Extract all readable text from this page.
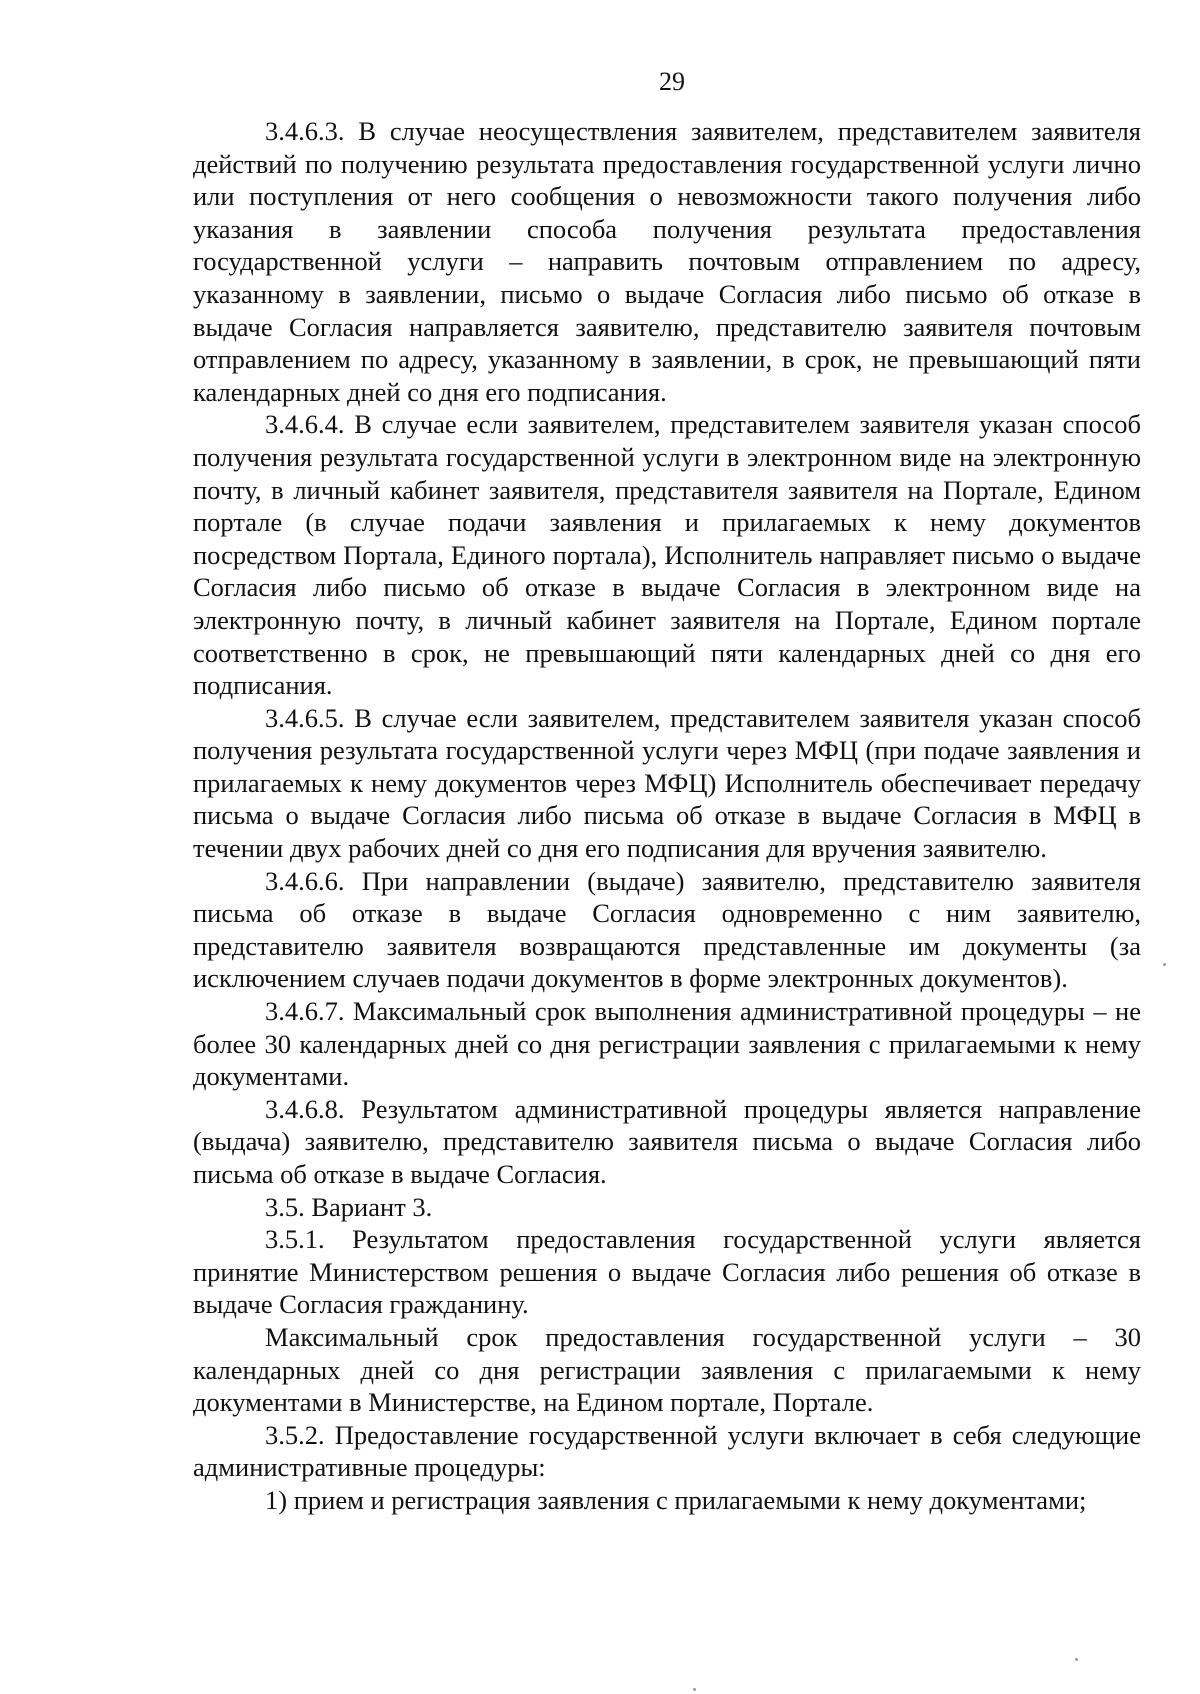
29

3.4.6.3. В случае неосуществления заявителем, представителем заявителя действий по получению результата предоставления государственной услуги лично или поступления от него сообщения о невозможности такого получения либо указания в заявлении способа получения результата предоставления государственной услуги – направить почтовым отправлением по адресу, указанному в заявлении, письмо о выдаче Согласия либо письмо об отказе в выдаче Согласия направляется заявителю, представителю заявителя почтовым отправлением по адресу, указанному в заявлении, в срок, не превышающий пяти календарных дней со дня его подписания.

3.4.6.4. В случае если заявителем, представителем заявителя указан способ получения результата государственной услуги в электронном виде на электронную почту, в личный кабинет заявителя, представителя заявителя на Портале, Едином портале (в случае подачи заявления и прилагаемых к нему документов посредством Портала, Единого портала), Исполнитель направляет письмо о выдаче Согласия либо письмо об отказе в выдаче Согласия в электронном виде на электронную почту, в личный кабинет заявителя на Портале, Едином портале соответственно в срок, не превышающий пяти календарных дней со дня его подписания.

3.4.6.5. В случае если заявителем, представителем заявителя указан способ получения результата государственной услуги через МФЦ (при подаче заявления и прилагаемых к нему документов через МФЦ) Исполнитель обеспечивает передачу письма о выдаче Согласия либо письма об отказе в выдаче Согласия в МФЦ в течении двух рабочих дней со дня его подписания для вручения заявителю.

3.4.6.6. При направлении (выдаче) заявителю, представителю заявителя письма об отказе в выдаче Согласия одновременно с ним заявителю, представителю заявителя возвращаются представленные им документы (за исключением случаев подачи документов в форме электронных документов).

3.4.6.7. Максимальный срок выполнения административной процедуры – не более 30 календарных дней со дня регистрации заявления с прилагаемыми к нему документами.

3.4.6.8. Результатом административной процедуры является направление (выдача) заявителю, представителю заявителя письма о выдаче Согласия либо письма об отказе в выдаче Согласия.

3.5. Вариант 3.

3.5.1. Результатом предоставления государственной услуги является принятие Министерством решения о выдаче Согласия либо решения об отказе в выдаче Согласия гражданину.

Максимальный срок предоставления государственной услуги – 30 календарных дней со дня регистрации заявления с прилагаемыми к нему документами в Министерстве, на Едином портале, Портале.

3.5.2. Предоставление государственной услуги включает в себя следующие административные процедуры:

1) прием и регистрация заявления с прилагаемыми к нему документами;
